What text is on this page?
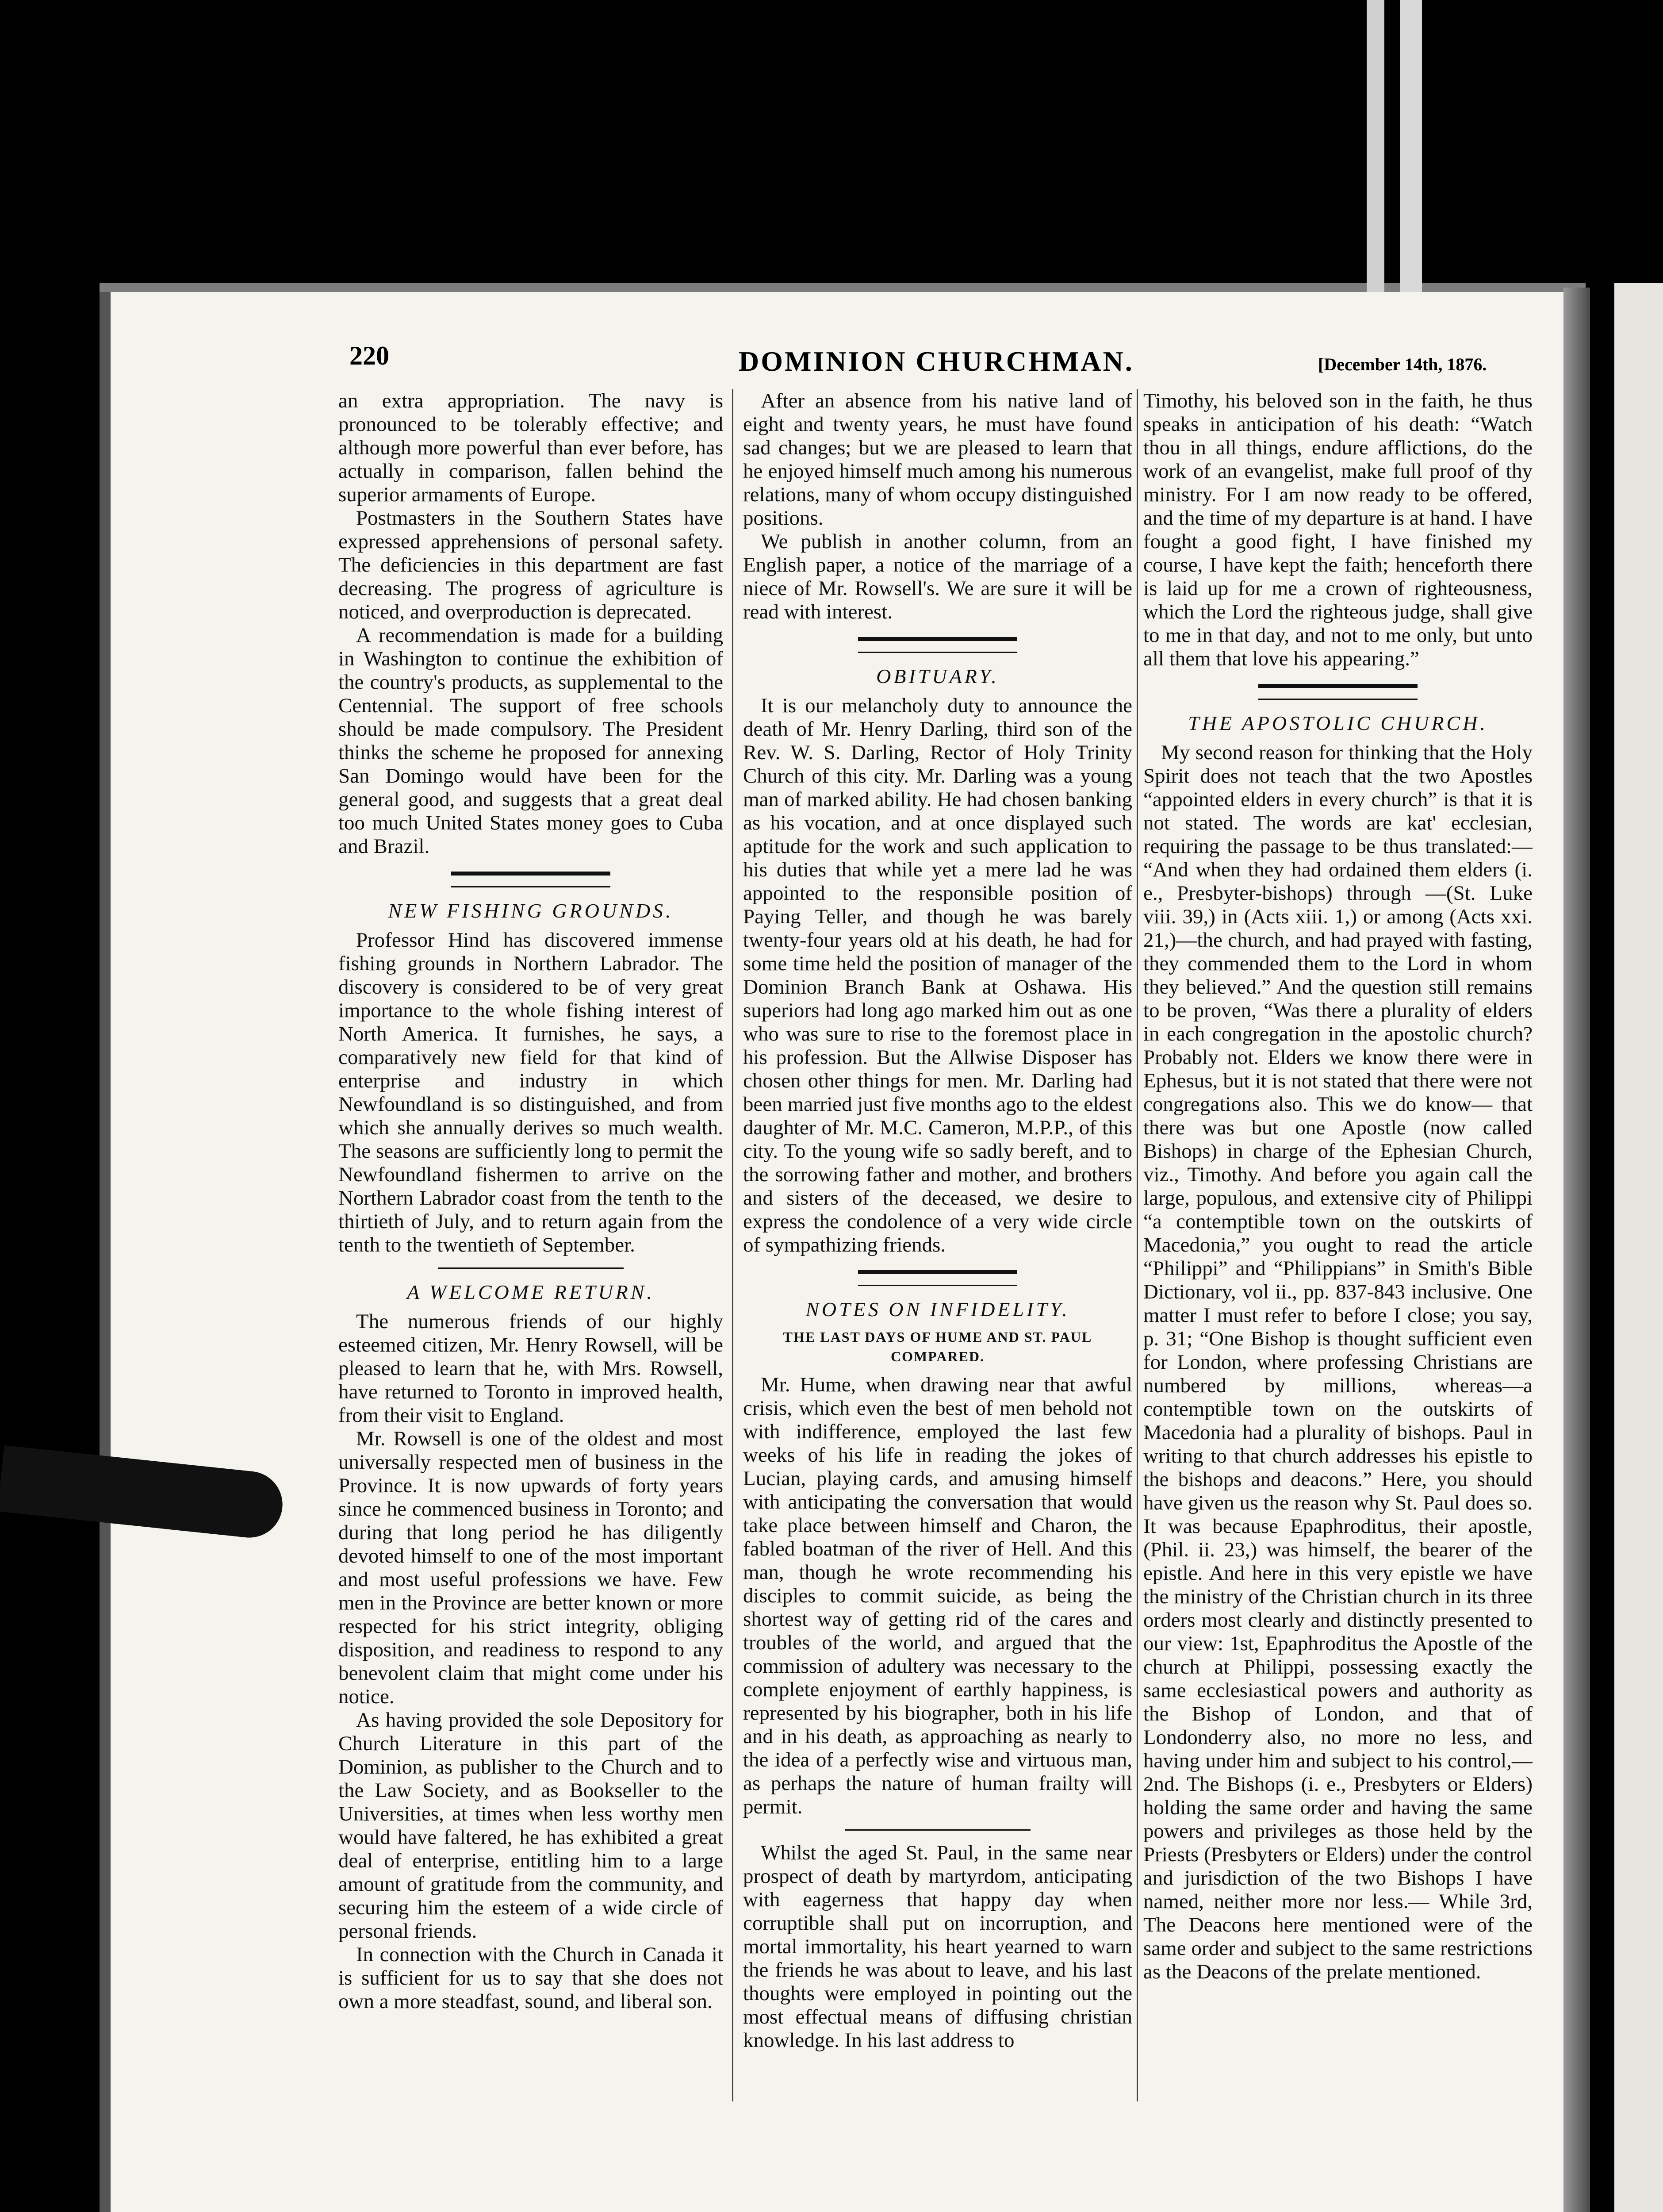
220	DOMINION CHURCHMAN.	[December 14th, 1876.

an extra appropriation. The navy is pronounced to be tolerably effective; and although more powerful than ever before, has actually in comparison, fallen behind the superior armaments of Europe.

Postmasters in the Southern States have expressed apprehensions of personal safety. The deficiencies in this department are fast decreasing. The progress of agriculture is noticed, and overproduction is deprecated.

A recommendation is made for a building in Washington to continue the exhibition of the country's products, as supplemental to the Centennial. The support of free schools should be made compulsory. The President thinks the scheme he proposed for annexing San Domingo would have been for the general good, and suggests that a great deal too much United States money goes to Cuba and Brazil.

NEW FISHING GROUNDS.

Professor Hind has discovered immense fishing grounds in Northern Labrador. The discovery is considered to be of very great importance to the whole fishing interest of North America. It furnishes, he says, a comparatively new field for that kind of enterprise and industry in which Newfoundland is so distinguished, and from which she annually derives so much wealth. The seasons are sufficiently long to permit the Newfoundland fishermen to arrive on the Northern Labrador coast from the tenth to the thirtieth of July, and to return again from the tenth to the twentieth of September.

A WELCOME RETURN.

The numerous friends of our highly esteemed citizen, Mr. Henry Rowsell, will be pleased to learn that he, with Mrs. Rowsell, have returned to Toronto in improved health, from their visit to England.

Mr. Rowsell is one of the oldest and most universally respected men of business in the Province. It is now upwards of forty years since he commenced business in Toronto; and during that long period he has diligently devoted himself to one of the most important and most useful professions we have. Few men in the Province are better known or more respected for his strict integrity, obliging disposition, and readiness to respond to any benevolent claim that might come under his notice.

As having provided the sole Depository for Church Literature in this part of the Dominion, as publisher to the Church and to the Law Society, and as Bookseller to the Universities, at times when less worthy men would have faltered, he has exhibited a great deal of enterprise, entitling him to a large amount of gratitude from the community, and securing him the esteem of a wide circle of personal friends.

In connection with the Church in Canada it is sufficient for us to say that she does not own a more steadfast, sound, and liberal son.

After an absence from his native land of eight and twenty years, he must have found sad changes; but we are pleased to learn that he enjoyed himself much among his numerous relations, many of whom occupy distinguished positions.

We publish in another column, from an English paper, a notice of the marriage of a niece of Mr. Rowsell's. We are sure it will be read with interest.

OBITUARY.

It is our melancholy duty to announce the death of Mr. Henry Darling, third son of the Rev. W. S. Darling, Rector of Holy Trinity Church of this city. Mr. Darling was a young man of marked ability. He had chosen banking as his vocation, and at once displayed such aptitude for the work and such application to his duties that while yet a mere lad he was appointed to the responsible position of Paying Teller, and though he was barely twenty-four years old at his death, he had for some time held the position of manager of the Dominion Branch Bank at Oshawa. His superiors had long ago marked him out as one who was sure to rise to the foremost place in his profession. But the Allwise Disposer has chosen other things for men. Mr. Darling had been married just five months ago to the eldest daughter of Mr. M.C. Cameron, M.P.P., of this city. To the young wife so sadly bereft, and to the sorrowing father and mother, and brothers and sisters of the deceased, we desire to express the condolence of a very wide circle of sympathizing friends.

NOTES ON INFIDELITY.
THE LAST DAYS OF HUME AND ST. PAUL COMPARED.

Mr. Hume, when drawing near that awful crisis, which even the best of men behold not with indifference, employed the last few weeks of his life in reading the jokes of Lucian, playing cards, and amusing himself with anticipating the conversation that would take place between himself and Charon, the fabled boatman of the river of Hell. And this man, though he wrote recommending his disciples to commit suicide, as being the shortest way of getting rid of the cares and troubles of the world, and argued that the commission of adultery was necessary to the complete enjoyment of earthly happiness, is represented by his biographer, both in his life and in his death, as approaching as nearly to the idea of a perfectly wise and virtuous man, as perhaps the nature of human frailty will permit.

Whilst the aged St. Paul, in the same near prospect of death by martyrdom, anticipating with eagerness that happy day when corruptible shall put on incorruption, and mortal immortality, his heart yearned to warn the friends he was about to leave, and his last thoughts were employed in pointing out the most effectual means of diffusing christian knowledge. In his last address to

Timothy, his beloved son in the faith, he thus speaks in anticipation of his death: “Watch thou in all things, endure afflictions, do the work of an evangelist, make full proof of thy ministry. For I am now ready to be offered, and the time of my departure is at hand. I have fought a good fight, I have finished my course, I have kept the faith; henceforth there is laid up for me a crown of righteousness, which the Lord the righteous judge, shall give to me in that day, and not to me only, but unto all them that love his appearing.”

THE APOSTOLIC CHURCH.

My second reason for thinking that the Holy Spirit does not teach that the two Apostles “appointed elders in every church” is that it is not stated. The words are kat' ecclesian, requiring the passage to be thus translated:— “And when they had ordained them elders (i. e., Presbyter-bishops) through —(St. Luke viii. 39,) in (Acts xiii. 1,) or among (Acts xxi. 21,)—the church, and had prayed with fasting, they commended them to the Lord in whom they believed.” And the question still remains to be proven, “Was there a plurality of elders in each congregation in the apostolic church? Probably not. Elders we know there were in Ephesus, but it is not stated that there were not congregations also. This we do know— that there was but one Apostle (now called Bishops) in charge of the Ephesian Church, viz., Timothy. And before you again call the large, populous, and extensive city of Philippi “a contemptible town on the outskirts of Macedonia,” you ought to read the article “Philippi” and “Philippians” in Smith's Bible Dictionary, vol ii., pp. 837-843 inclusive. One matter I must refer to before I close; you say, p. 31; “One Bishop is thought sufficient even for London, where professing Christians are numbered by millions, whereas—a contemptible town on the outskirts of Macedonia had a plurality of bishops. Paul in writing to that church addresses his epistle to the bishops and deacons.” Here, you should have given us the reason why St. Paul does so. It was because Epaphroditus, their apostle, (Phil. ii. 23,) was himself, the bearer of the epistle. And here in this very epistle we have the ministry of the Christian church in its three orders most clearly and distinctly presented to our view: 1st, Epaphroditus the Apostle of the church at Philippi, possessing exactly the same ecclesiastical powers and authority as the Bishop of London, and that of Londonderry also, no more no less, and having under him and subject to his control,—2nd. The Bishops (i. e., Presbyters or Elders) holding the same order and having the same powers and privileges as those held by the Priests (Presbyters or Elders) under the control and jurisdiction of the two Bishops I have named, neither more nor less.— While 3rd, The Deacons here mentioned were of the same order and subject to the same restrictions as the Deacons of the prelate mentioned.
